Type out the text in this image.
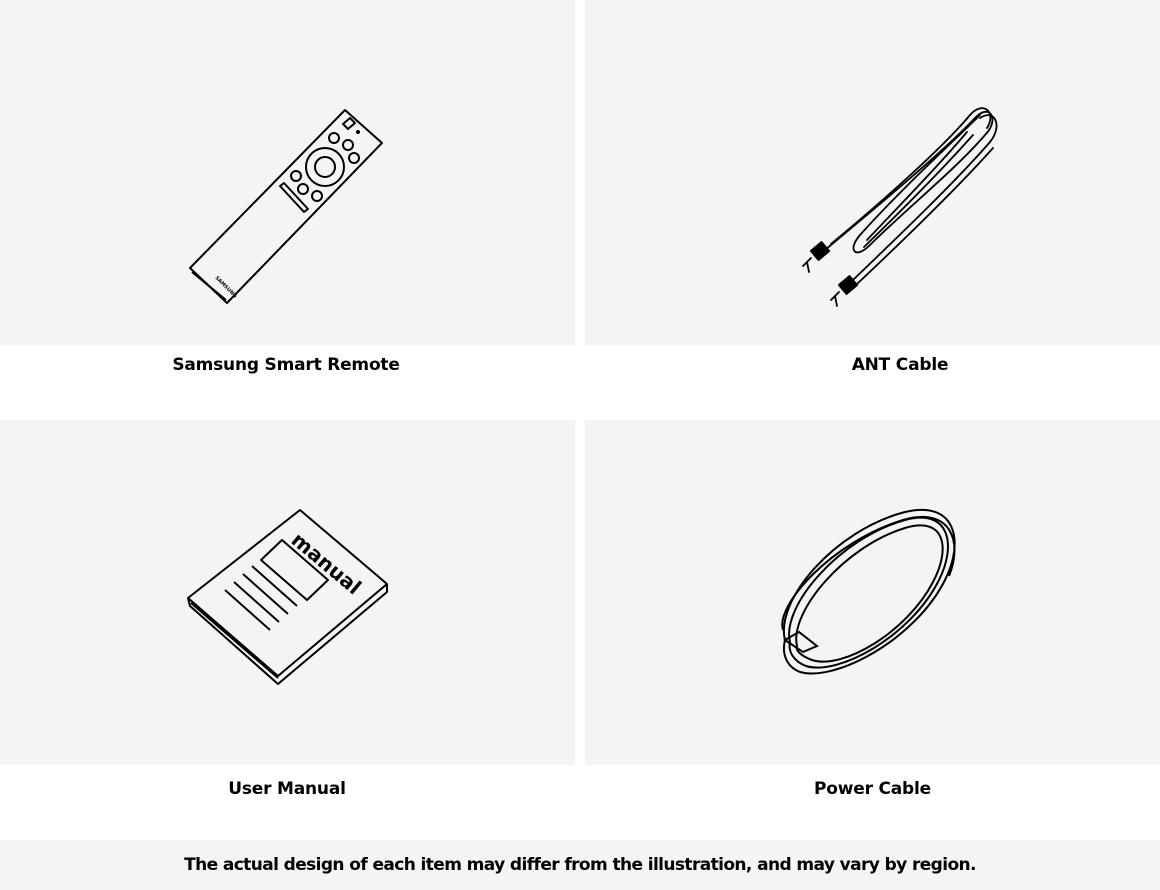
SAMSUNG
Samsung Smart Remote	ANT Cable
manual
User Manual	Power Cable
The actual design of each item may differ from the illustration, and may vary by region.
